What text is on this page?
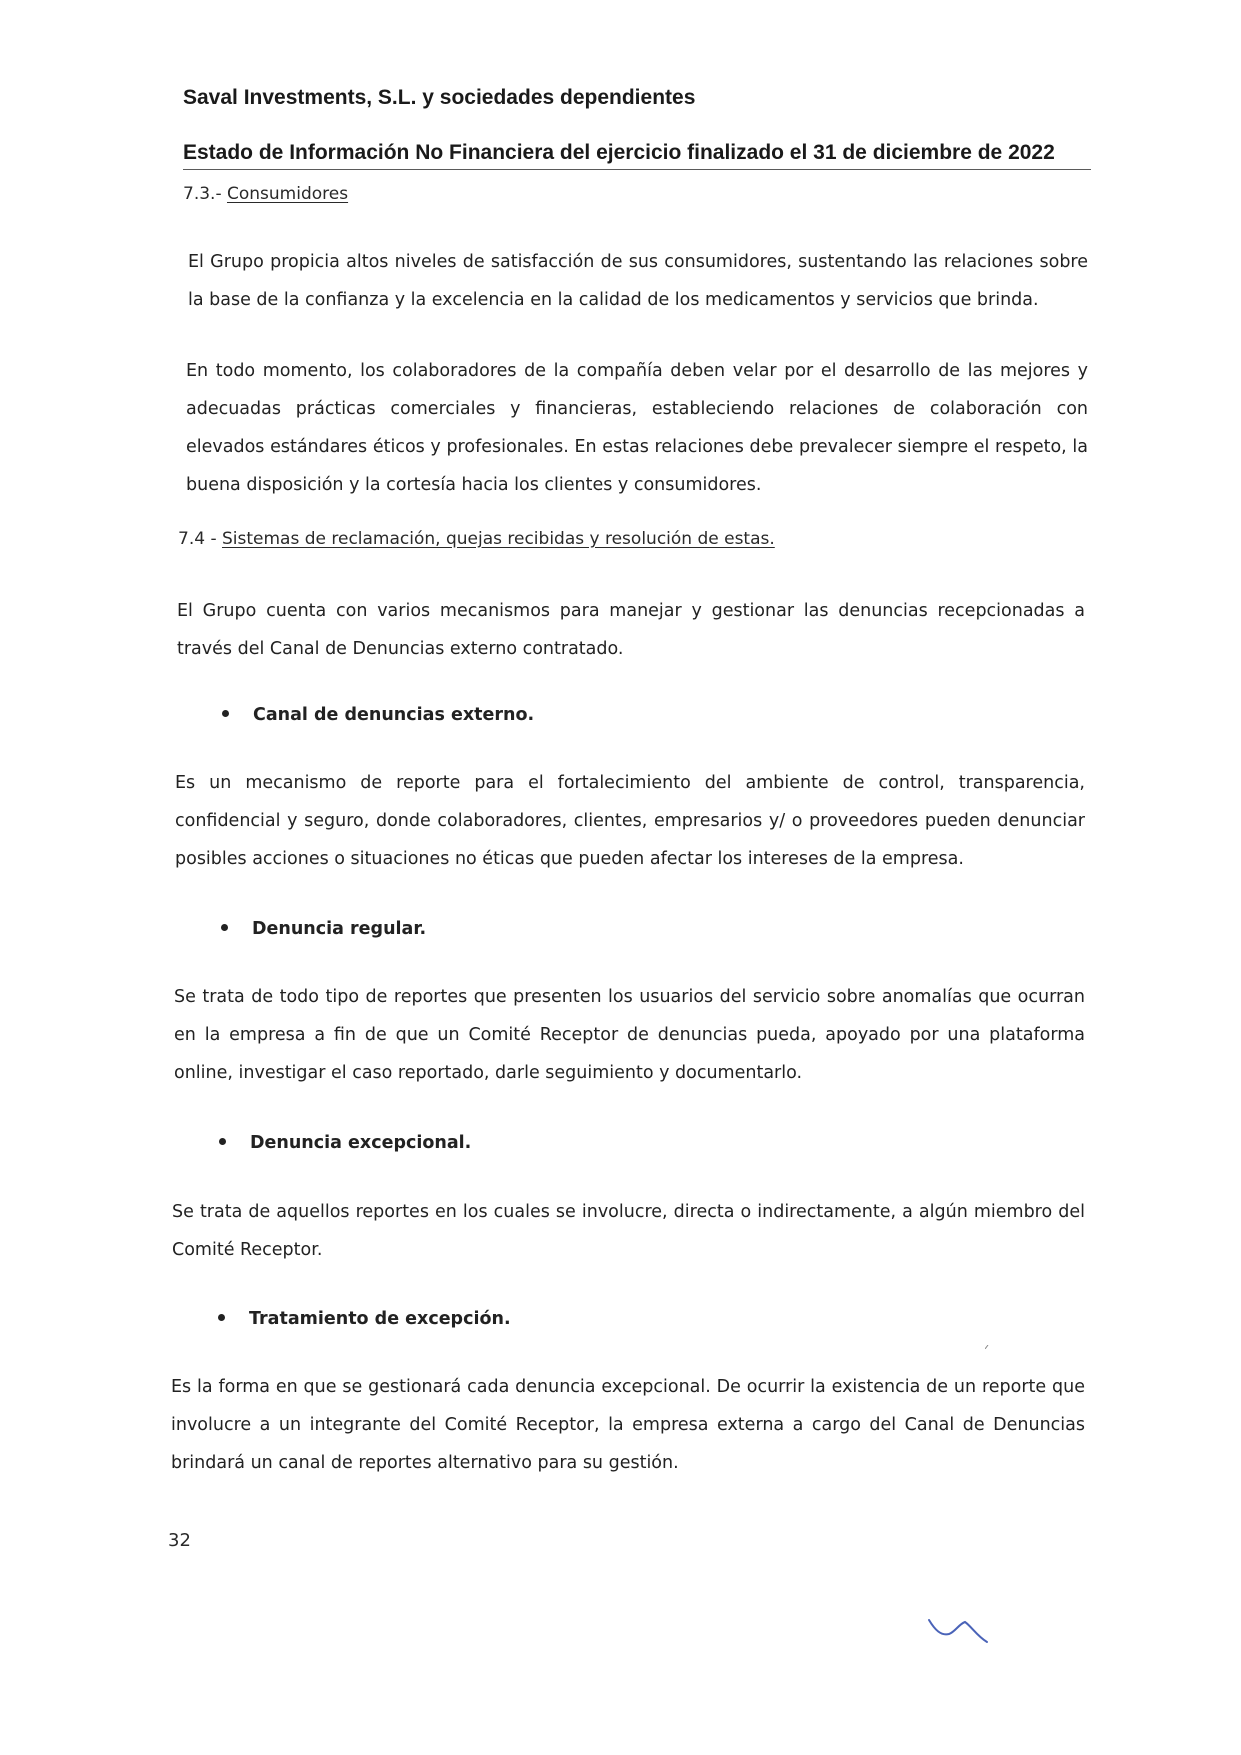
Saval Investments, S.L. y sociedades dependientes
Estado de Información No Financiera del ejercicio finalizado el 31 de diciembre de 2022
7.3.- Consumidores

El Grupo propicia altos niveles de satisfacción de sus consumidores, sustentando las relaciones sobre la base de la confianza y la excelencia en la calidad de los medicamentos y servicios que brinda.

En todo momento, los colaboradores de la compañía deben velar por el desarrollo de las mejores y adecuadas prácticas comerciales y financieras, estableciendo relaciones de colaboración con elevados estándares éticos y profesionales. En estas relaciones debe prevalecer siempre el respeto, la buena disposición y la cortesía hacia los clientes y consumidores.

7.4 - Sistemas de reclamación, quejas recibidas y resolución de estas.

El Grupo cuenta con varios mecanismos para manejar y gestionar las denuncias recepcionadas a través del Canal de Denuncias externo contratado.

Canal de denuncias externo.

Es un mecanismo de reporte para el fortalecimiento del ambiente de control, transparencia, confidencial y seguro, donde colaboradores, clientes, empresarios y/ o proveedores pueden denunciar posibles acciones o situaciones no éticas que pueden afectar los intereses de la empresa.

Denuncia regular.

Se trata de todo tipo de reportes que presenten los usuarios del servicio sobre anomalías que ocurran en la empresa a fin de que un Comité Receptor de denuncias pueda, apoyado por una plataforma online, investigar el caso reportado, darle seguimiento y documentarlo.

Denuncia excepcional.

Se trata de aquellos reportes en los cuales se involucre, directa o indirectamente, a algún miembro del Comité Receptor.

Tratamiento de excepción.

Es la forma en que se gestionará cada denuncia excepcional. De ocurrir la existencia de un reporte que involucre a un integrante del Comité Receptor, la empresa externa a cargo del Canal de Denuncias brindará un canal de reportes alternativo para su gestión.

32
